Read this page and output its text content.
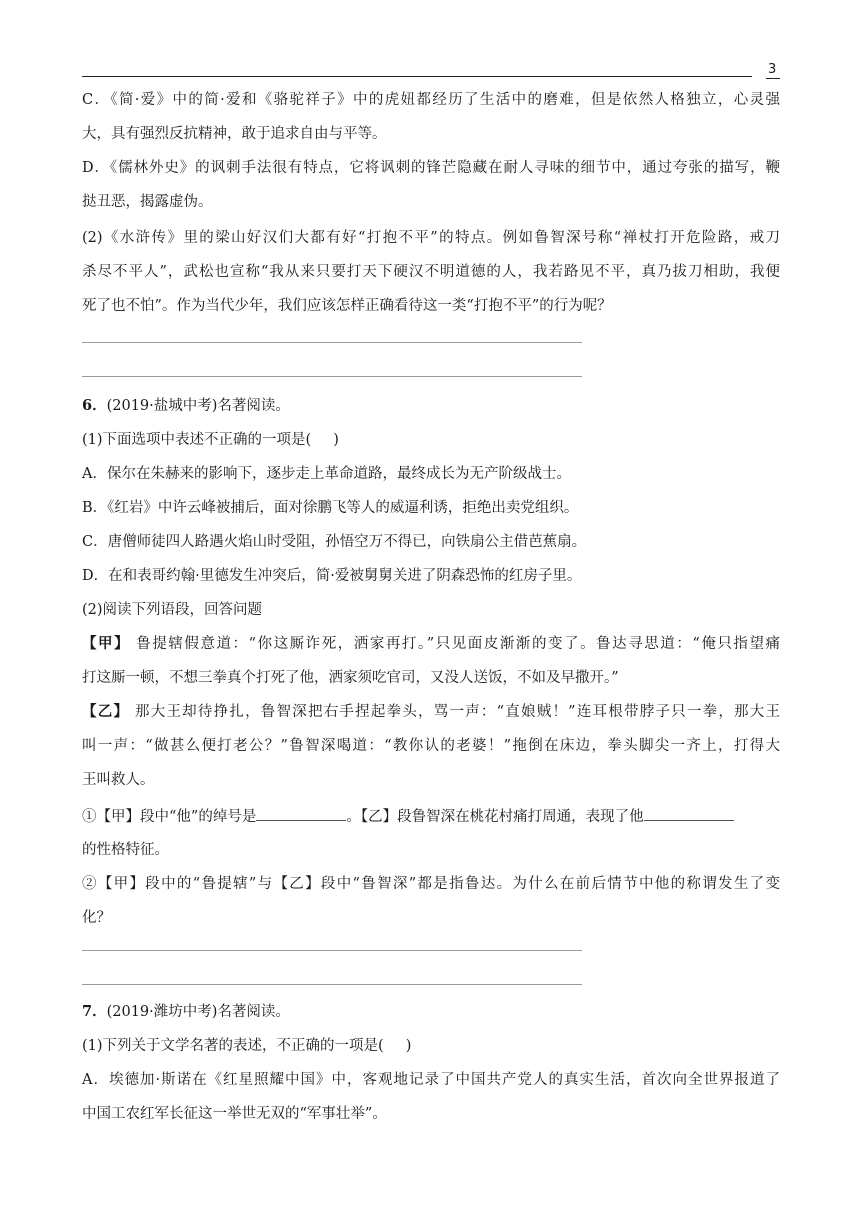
3
C．《简·爱》中的简·爱和《骆驼祥子》中的虎妞都经历了生活中的磨难，但是依然人格独立，心灵强
大，具有强烈反抗精神，敢于追求自由与平等。
D．《儒林外史》的讽刺手法很有特点，它将讽刺的锋芒隐藏在耐人寻味的细节中，通过夸张的描写，鞭
挞丑恶，揭露虚伪。
(2)《水浒传》里的梁山好汉们大都有好“打抱不平”的特点。例如鲁智深号称“禅杖打开危险路，戒刀
杀尽不平人”，武松也宣称“我从来只要打天下硬汉不明道德的人，我若路见不平，真乃拔刀相助，我便
死了也不怕”。作为当代少年，我们应该怎样正确看待这一类“打抱不平”的行为呢？
6．(2019·盐城中考)名著阅读。
(1)下面选项中表述不正确的一项是( )
A．保尔在朱赫来的影响下，逐步走上革命道路，最终成长为无产阶级战士。
B．《红岩》中许云峰被捕后，面对徐鹏飞等人的威逼利诱，拒绝出卖党组织。
C．唐僧师徒四人路遇火焰山时受阻，孙悟空万不得已，向铁扇公主借芭蕉扇。
D．在和表哥约翰·里德发生冲突后，简·爱被舅舅关进了阴森恐怖的红房子里。
(2)阅读下列语段，回答问题
【甲】 鲁提辖假意道：“你这厮诈死，洒家再打。”只见面皮渐渐的变了。鲁达寻思道：“俺只指望痛
打这厮一顿，不想三拳真个打死了他，洒家须吃官司，又没人送饭，不如及早撒开。”
【乙】 那大王却待挣扎，鲁智深把右手捏起拳头，骂一声：“直娘贼！”连耳根带脖子只一拳，那大王
叫一声：“做甚么便打老公？”鲁智深喝道：“教你认的老婆！”拖倒在床边，拳头脚尖一齐上，打得大
王叫救人。
①【甲】段中“他”的绰号是	。【乙】段鲁智深在桃花村痛打周通，表现了他
的性格特征。
②【甲】段中的“鲁提辖”与【乙】段中“鲁智深”都是指鲁达。为什么在前后情节中他的称谓发生了变
化？
7．(2019·潍坊中考)名著阅读。
(1)下列关于文学名著的表述，不正确的一项是( )
A．埃德加·斯诺在《红星照耀中国》中，客观地记录了中国共产党人的真实生活，首次向全世界报道了
中国工农红军长征这一举世无双的“军事壮举”。
